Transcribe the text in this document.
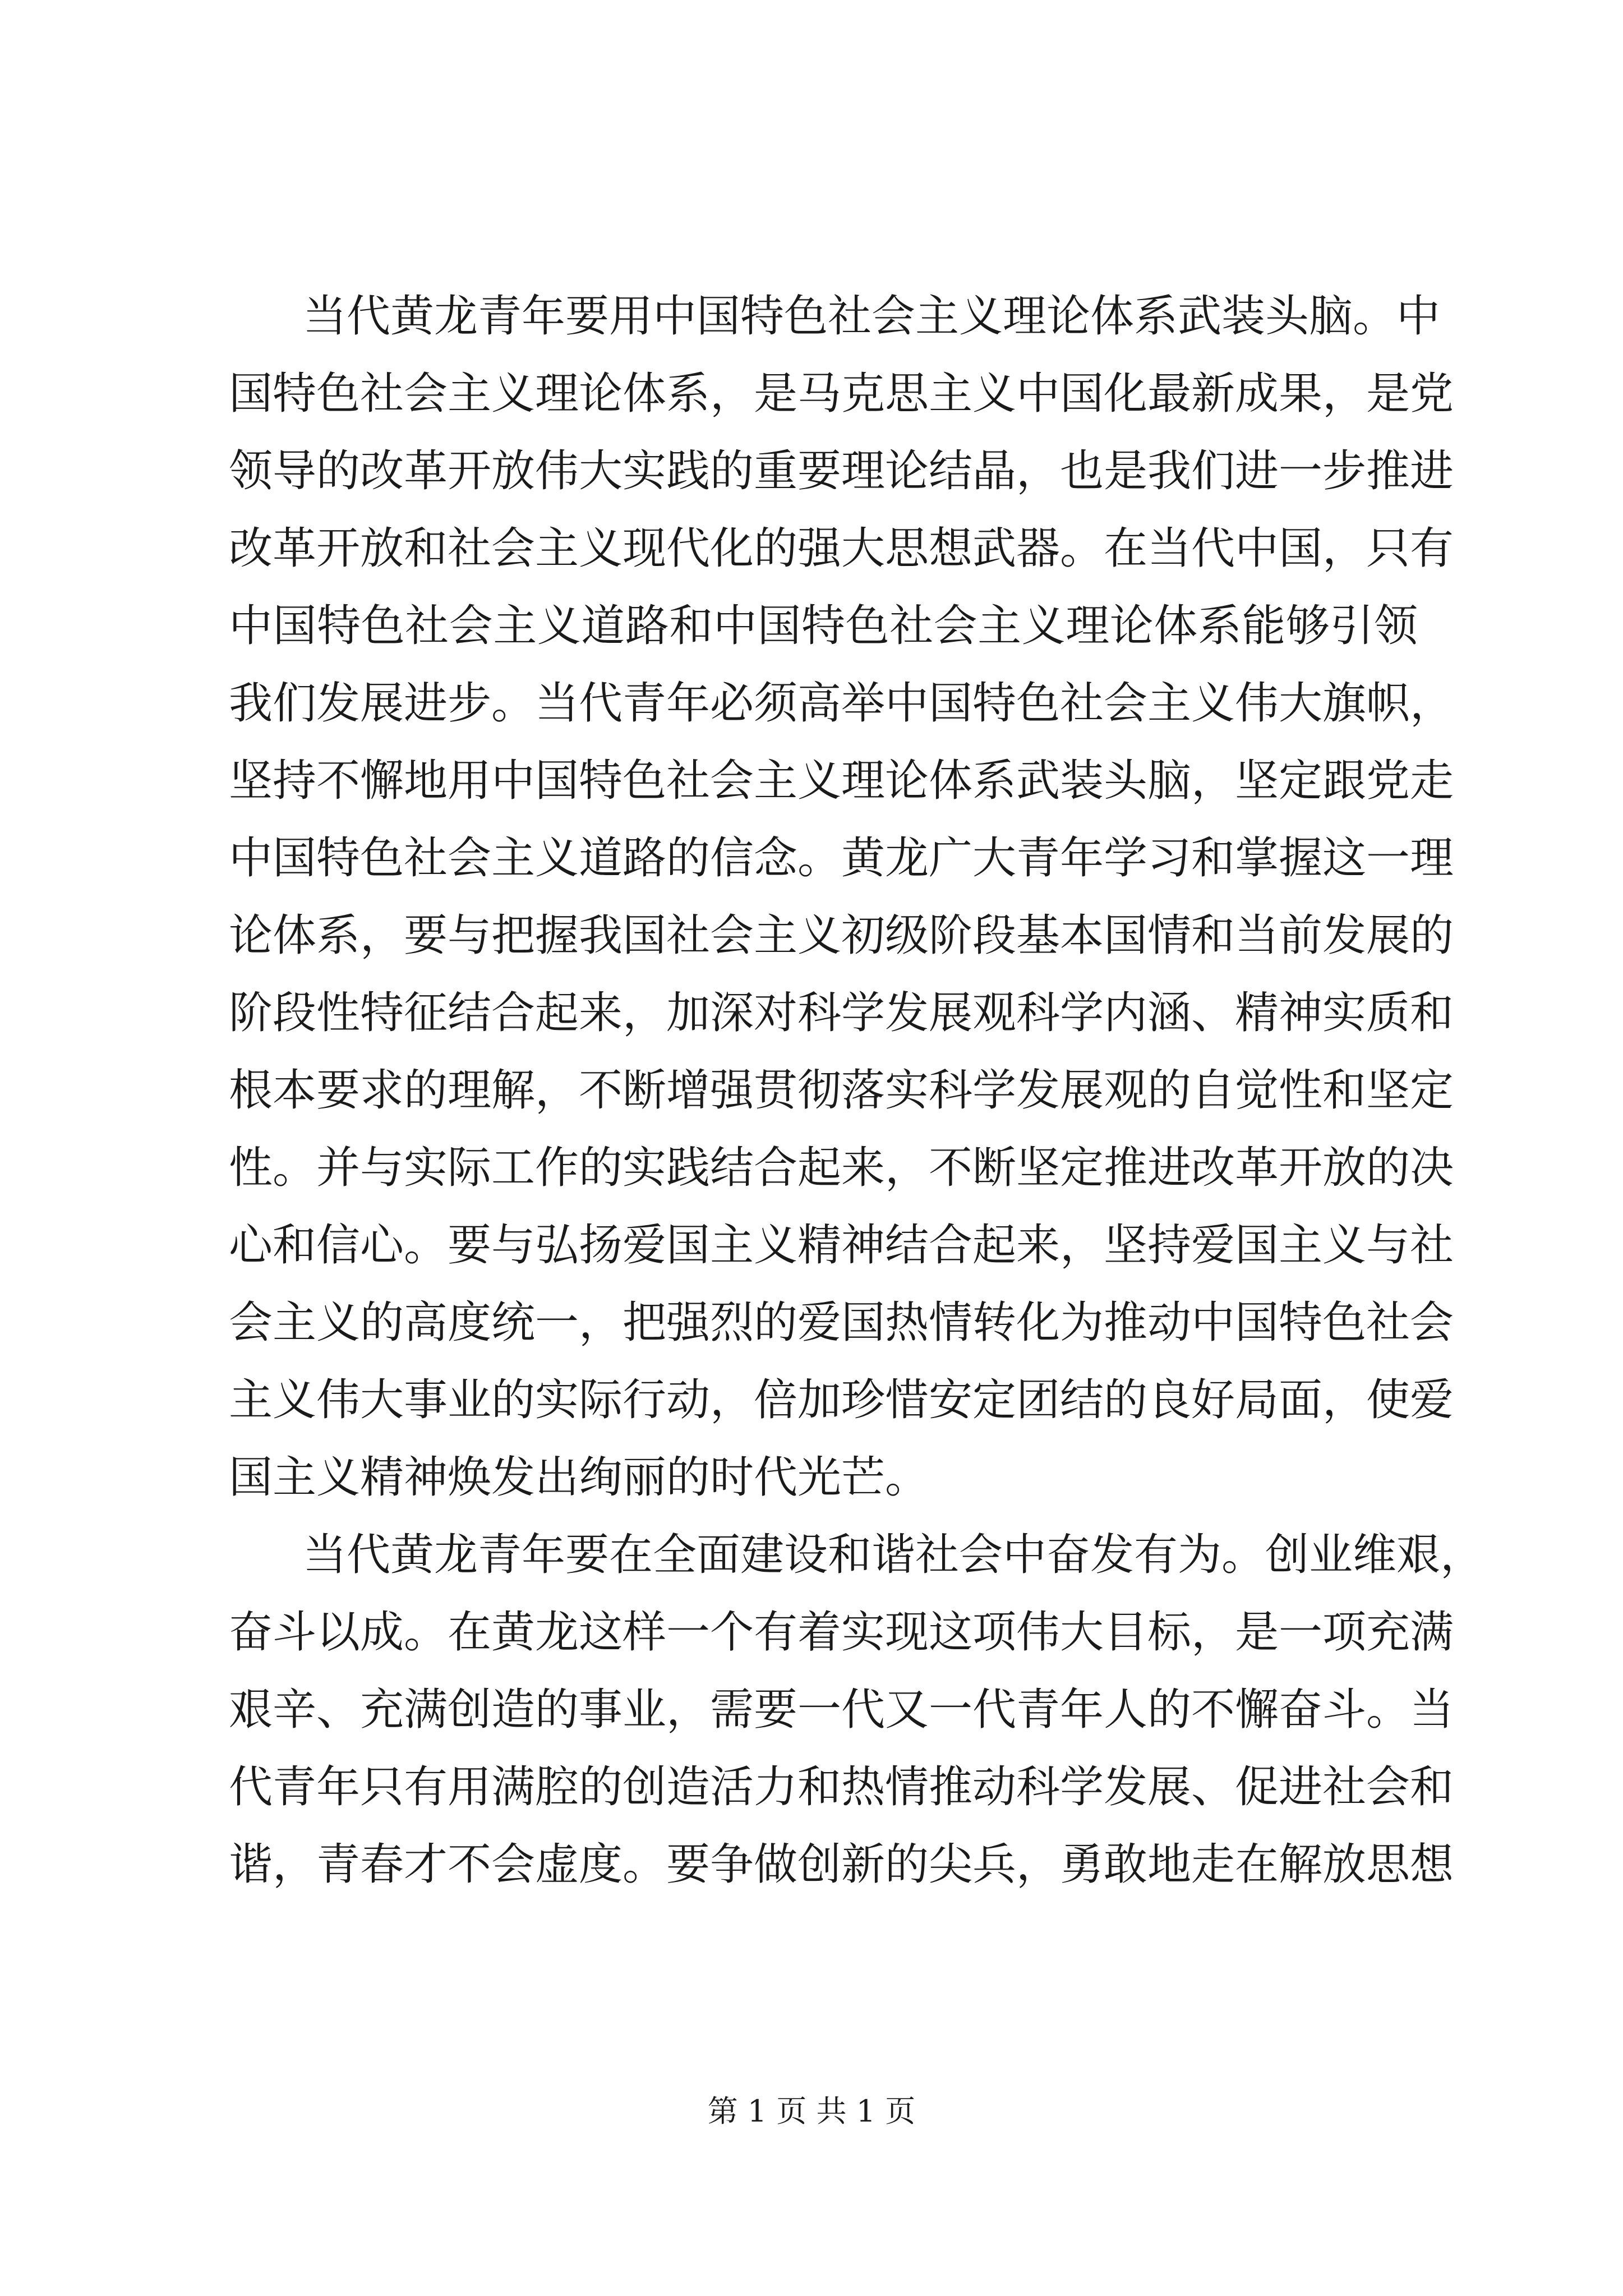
当代黄龙青年要用中国特色社会主义理论体系武装头脑。中

国特色社会主义理论体系，是马克思主义中国化最新成果，是党

领导的改革开放伟大实践的重要理论结晶，也是我们进一步推进

改革开放和社会主义现代化的强大思想武器。在当代中国，只有

中国特色社会主义道路和中国特色社会主义理论体系能够引领

我们发展进步。当代青年必须高举中国特色社会主义伟大旗帜，

坚持不懈地用中国特色社会主义理论体系武装头脑，坚定跟党走

中国特色社会主义道路的信念。黄龙广大青年学习和掌握这一理

论体系，要与把握我国社会主义初级阶段基本国情和当前发展的

阶段性特征结合起来，加深对科学发展观科学内涵、精神实质和

根本要求的理解，不断增强贯彻落实科学发展观的自觉性和坚定

性。并与实际工作的实践结合起来，不断坚定推进改革开放的决

心和信心。要与弘扬爱国主义精神结合起来，坚持爱国主义与社

会主义的高度统一，把强烈的爱国热情转化为推动中国特色社会

主义伟大事业的实际行动，倍加珍惜安定团结的良好局面，使爱

国主义精神焕发出绚丽的时代光芒。

当代黄龙青年要在全面建设和谐社会中奋发有为。创业维艰，

奋斗以成。在黄龙这样一个有着实现这项伟大目标，是一项充满

艰辛、充满创造的事业，需要一代又一代青年人的不懈奋斗。当

代青年只有用满腔的创造活力和热情推动科学发展、促进社会和

谐，青春才不会虚度。要争做创新的尖兵，勇敢地走在解放思想

第 1 页 共 1 页
